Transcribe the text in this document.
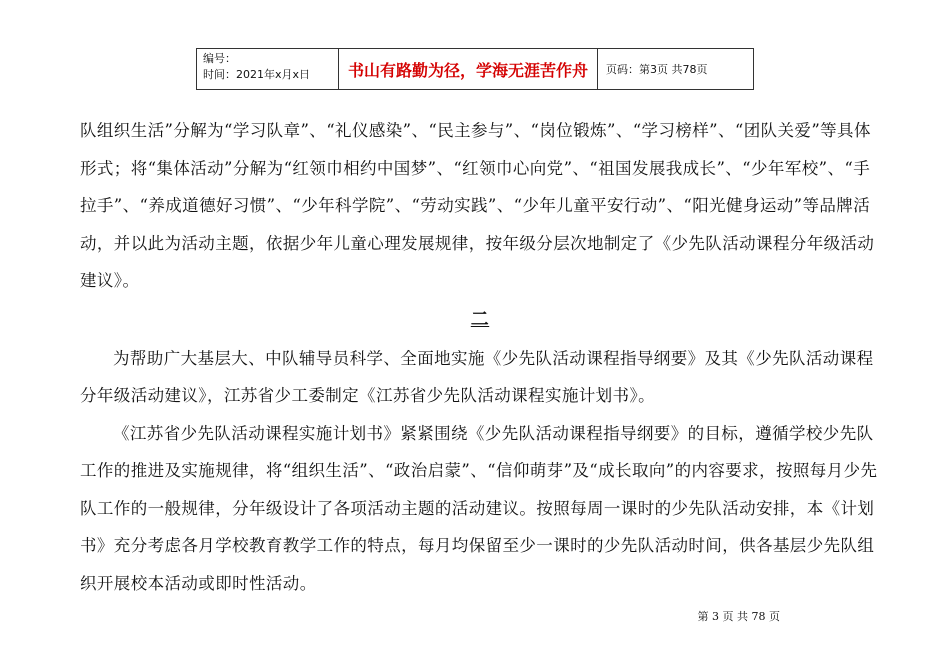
编号：
时间：2021年x月x日	书山有路勤为径，学海无涯苦作舟	页码：第3页 共78页

队组织生活”分解为“学习队章”、“礼仪感染”、“民主参与”、“岗位锻炼”、“学习榜样”、“团队关爱”等具体形式；将“集体活动”分解为“红领巾相约中国梦”、“红领巾心向党”、“祖国发展我成长”、“少年军校”、“手拉手”、“养成道德好习惯”、“少年科学院”、“劳动实践”、“少年儿童平安行动”、“阳光健身运动”等品牌活动，并以此为活动主题，依据少年儿童心理发展规律，按年级分层次地制定了《少先队活动课程分年级活动建议》。

二

为帮助广大基层大、中队辅导员科学、全面地实施《少先队活动课程指导纲要》及其《少先队活动课程分年级活动建议》，江苏省少工委制定《江苏省少先队活动课程实施计划书》。

《江苏省少先队活动课程实施计划书》紧紧围绕《少先队活动课程指导纲要》的目标，遵循学校少先队工作的推进及实施规律，将“组织生活”、“政治启蒙”、“信仰萌芽”及“成长取向”的内容要求，按照每月少先队工作的一般规律，分年级设计了各项活动主题的活动建议。按照每周一课时的少先队活动安排，本《计划书》充分考虑各月学校教育教学工作的特点，每月均保留至少一课时的少先队活动时间，供各基层少先队组织开展校本活动或即时性活动。

第 3 页 共 78 页
